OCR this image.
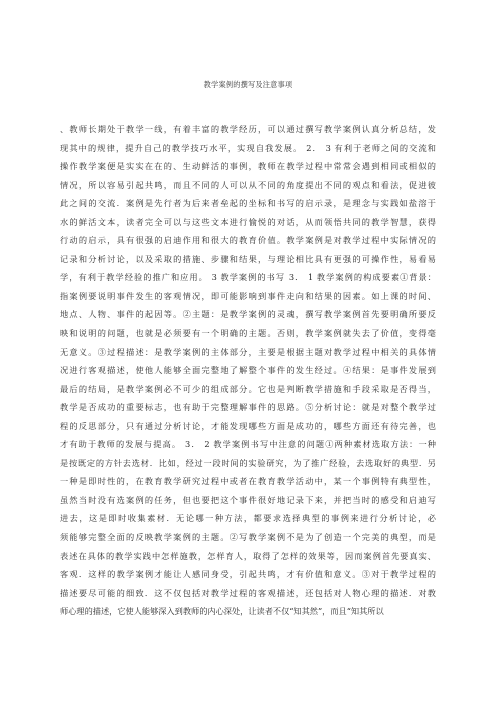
教学案例的撰写及注意事项
、教师长期处于教学一线，有着丰富的教学经历，可以通过撰写教学案例认真分析总结，发
现其中的规律，提升自己的教学技巧水平，实现自我发展。 2． 3 有利于老师之间的交流和
操作教学案便是实实在在的、生动鲜活的事例，教师在教学过程中常常会遇到相同或相似的
情况，所以容易引起共鸣，而且不同的人可以从不同的角度提出不同的观点和看法，促进彼
此之间的交流．案例是先行者为后来者垒起的坐标和书写的启示录，是理念与实践如盐溶于
水的鲜活文本，读者完全可以与这些文本进行愉悦的对话，从而领悟共同的教学智慧，获得
行动的启示，具有很强的启迪作用和很大的教育价值。教学案例是对教学过程中实际情况的
记录和分析讨论，以及采取的措施、步骤和结果，与理论相比具有更强的可操作性，易看易
学，有利于教学经验的推广和应用。 3 教学案例的书写 3． 1 教学案例的构成要素①背景：
指案例要说明事件发生的客观情况，即可能影响到事件走向和结果的因素。如上课的时间、
地点、人物、事件的起因等。②主题：是教学案例的灵魂，撰写教学案例首先要明确所要反
映和说明的问题，也就是必须要有一个明确的主题。否则，教学案例就失去了价值，变得毫
无意义。③过程描述：是教学案例的主体部分，主要是根据主题对教学过程中相关的具体情
况进行客观描述，使他人能够全面完整地了解整个事件的发生经过。④结果：是事件发展到
最后的结局，是教学案例必不可少的组成部分。它也是判断教学措施和手段采取是否得当，
教学是否成功的重要标志，也有助于完整理解事件的思路。⑤分析讨论：就是对整个教学过
程的反思部分，只有通过分析讨论，才能发现哪些方面是成功的，哪些方面还有待完善，也
才有助于教师的发展与提高。 3． 2 教学案例书写中注意的问题①两种素材选取方法：一种
是按既定的方针去选材．比如，经过一段时间的实验研究，为了推广经验，去选取好的典型．另
一种是即时性的，在教育教学研究过程中或者在教育教学活动中，某一个事例特有典型性，
虽然当时没有选案例的任务，但也要把这个事件很好地记录下来，并把当时的感受和启迪写
进去，这是即时收集素材．无论哪一种方法，都要求选择典型的事例来进行分析讨论，必
须能够完整全面的反映教学案例的主题。②写教学案例不是为了创造一个完美的典型，而是
表述在具体的教学实践中怎样施教，怎样育人，取得了怎样的效果等，因而案例首先要真实、
客观．这样的教学案例才能让人感同身受，引起共鸣，才有价值和意义。③对于教学过程的
描述要尽可能的细致．这不仅包括对教学过程的客观描述，还包括对人物心理的描述．对教
师心理的描述，它使人能够深入到教师的内心深处，让读者不仅“知其然”，而且“知其所以
